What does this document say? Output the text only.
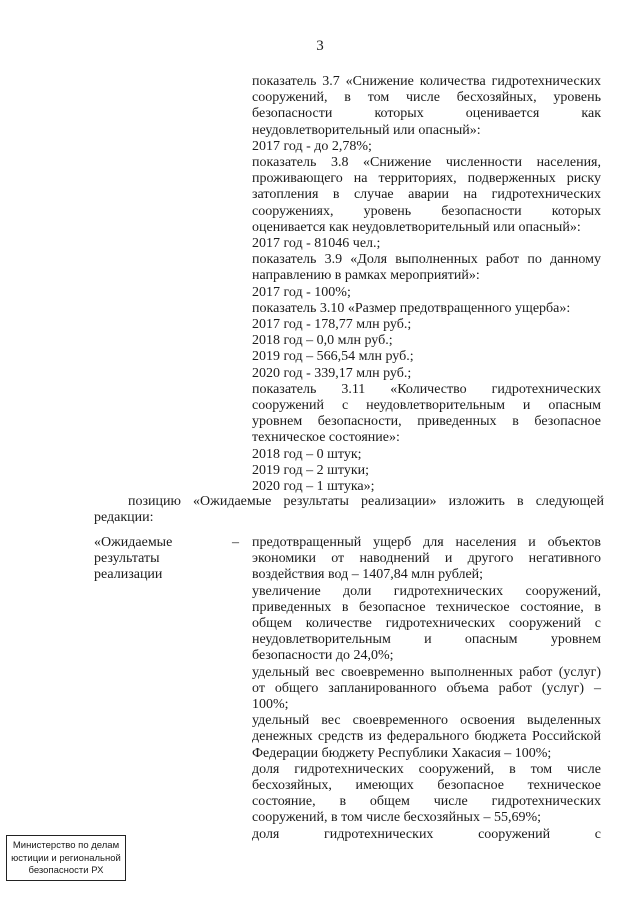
3
показатель 3.7 «Снижение количества гидротехнических
сооружений, в том числе бесхозяйных, уровень
безопасности которых оценивается как
неудовлетворительный или опасный»:
2017 год - до 2,78%;
показатель 3.8 «Снижение численности населения,
проживающего на территориях, подверженных риску
затопления в случае аварии на гидротехнических
сооружениях, уровень безопасности которых
оценивается как неудовлетворительный или опасный»:
2017 год - 81046 чел.;
показатель 3.9 «Доля выполненных работ по данному
направлению в рамках мероприятий»:
2017 год - 100%;
показатель 3.10 «Размер предотвращенного ущерба»:
2017 год - 178,77 млн руб.;
2018 год – 0,0 млн руб.;
2019 год – 566,54 млн руб.;
2020 год - 339,17 млн руб.;
показатель 3.11 «Количество гидротехнических
сооружений с неудовлетворительным и опасным
уровнем безопасности, приведенных в безопасное
техническое состояние»:
2018 год – 0 штук;
2019 год – 2 штуки;
2020 год – 1 штука»;
позицию «Ожидаемые результаты реализации» изложить в следующей
редакции:
«Ожидаемые
результаты
реализации
– предотвращенный ущерб для населения и объектов
экономики от наводнений и другого негативного
воздействия вод – 1407,84 млн рублей;
увеличение доли гидротехнических сооружений,
приведенных в безопасное техническое состояние, в
общем количестве гидротехнических сооружений с
неудовлетворительным и опасным уровнем
безопасности до 24,0%;
удельный вес своевременно выполненных работ (услуг)
от общего запланированного объема работ (услуг) –
100%;
удельный вес своевременного освоения выделенных
денежных средств из федерального бюджета Российской
Федерации бюджету Республики Хакасия – 100%;
доля гидротехнических сооружений, в том числе
бесхозяйных, имеющих безопасное техническое
состояние, в общем числе гидротехнических
сооружений, в том числе бесхозяйных – 55,69%;
доля гидротехнических сооружений с
Министерство по делам
юстиции и региональной
безопасности РХ
